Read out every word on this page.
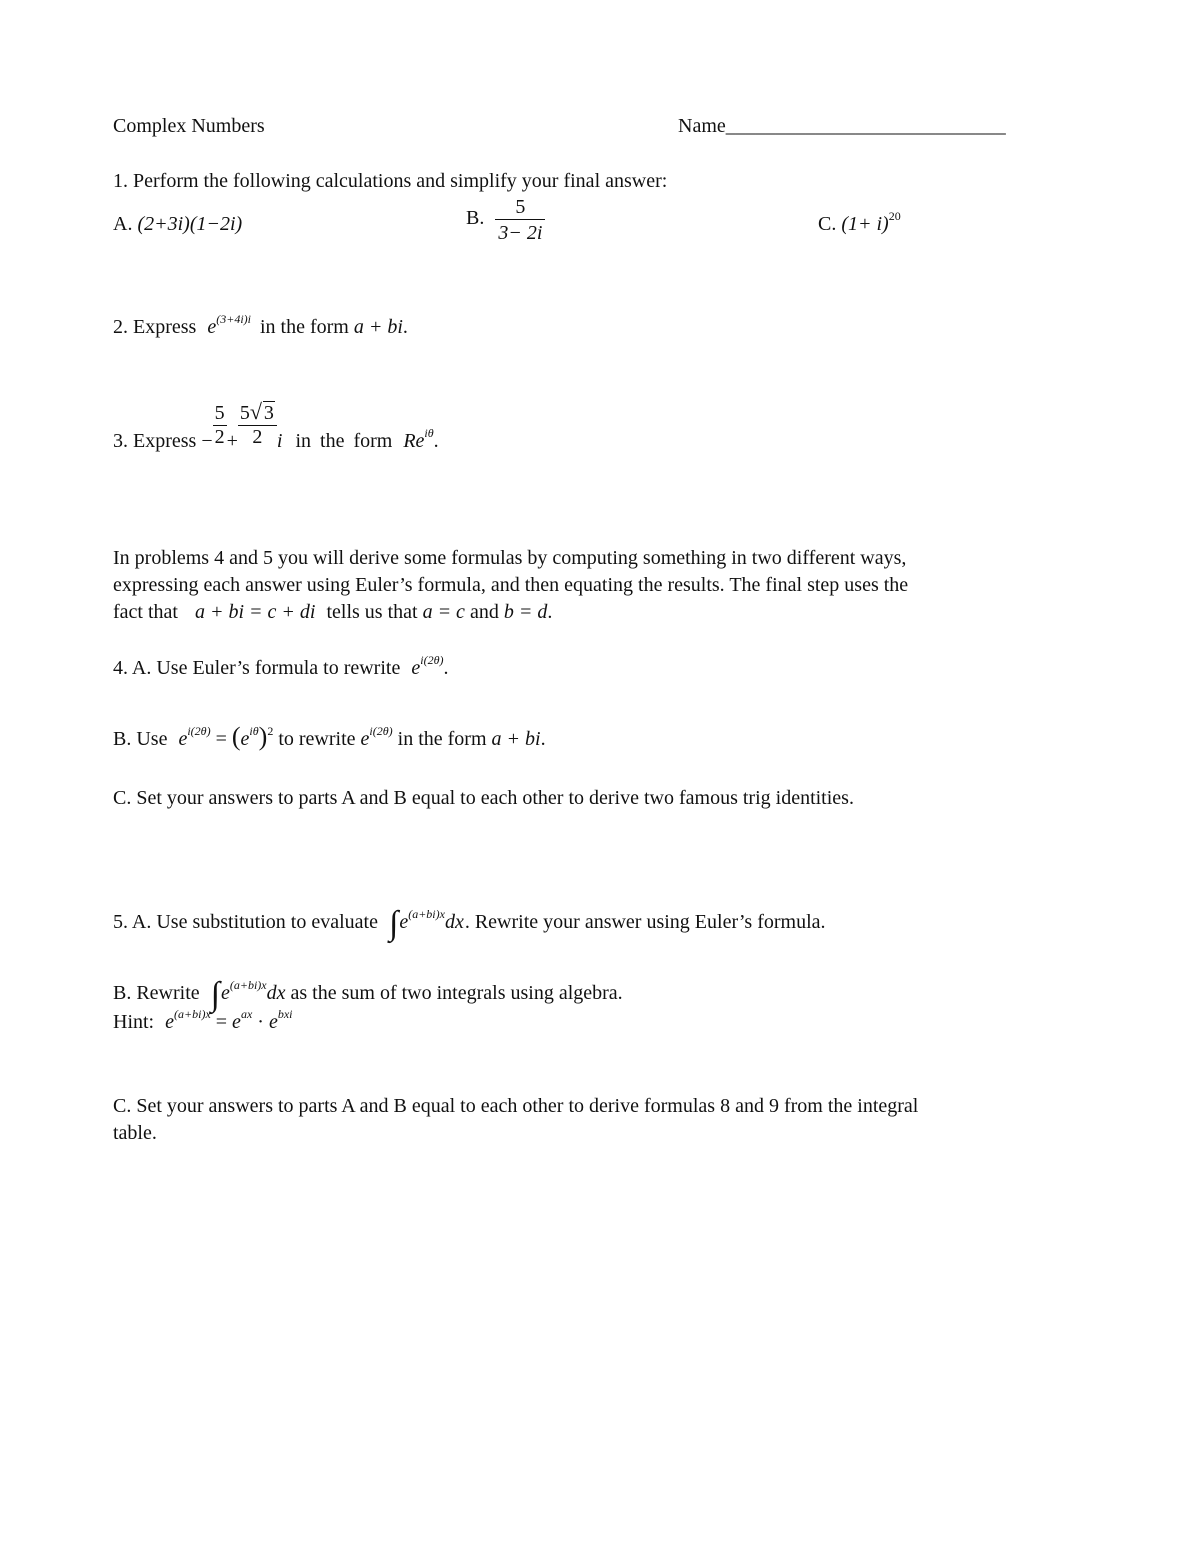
Complex Numbers	Name____________________________
1. Perform the following calculations and simplify your final answer:
A. (2+3i)(1−2i)	B. $\frac{5}{3- 2i}$	C. $(1+ i)^{20}$
2. Express $e^{(3+4i)i}$ in the form a + bi.
3. Express − $\frac{5}{2} + \frac{5 √ 3}{2}$ i in the form $Re^{i\theta}$.
In problems 4 and 5 you will derive some formulas by computing something in two different ways,
expressing each answer using Euler’s formula, and then equating the results. The final step uses the
fact that a + bi = c + di tells us that a = c and b = d.
4. A. Use Euler’s formula to rewrite $e^{i(2\theta)}$.
B. Use $e^{i(2\theta)} = (e^{i\theta})^2$ to rewrite $e^{i(2\theta)}$ in the form a + bi.
C. Set your answers to parts A and B equal to each other to derive two famous trig identities.
5. A. Use substitution to evaluate $\int e^{(a+bi)x}dx$ . Rewrite your answer using Euler’s formula.
B. Rewrite $\int e^{(a+bi)x}dx$ as the sum of two integrals using algebra.
Hint: $e^{(a+bi)x} = e^{ax} \cdot e^{bxi}$
C. Set your answers to parts A and B equal to each other to derive formulas 8 and 9 from the integral
table.
